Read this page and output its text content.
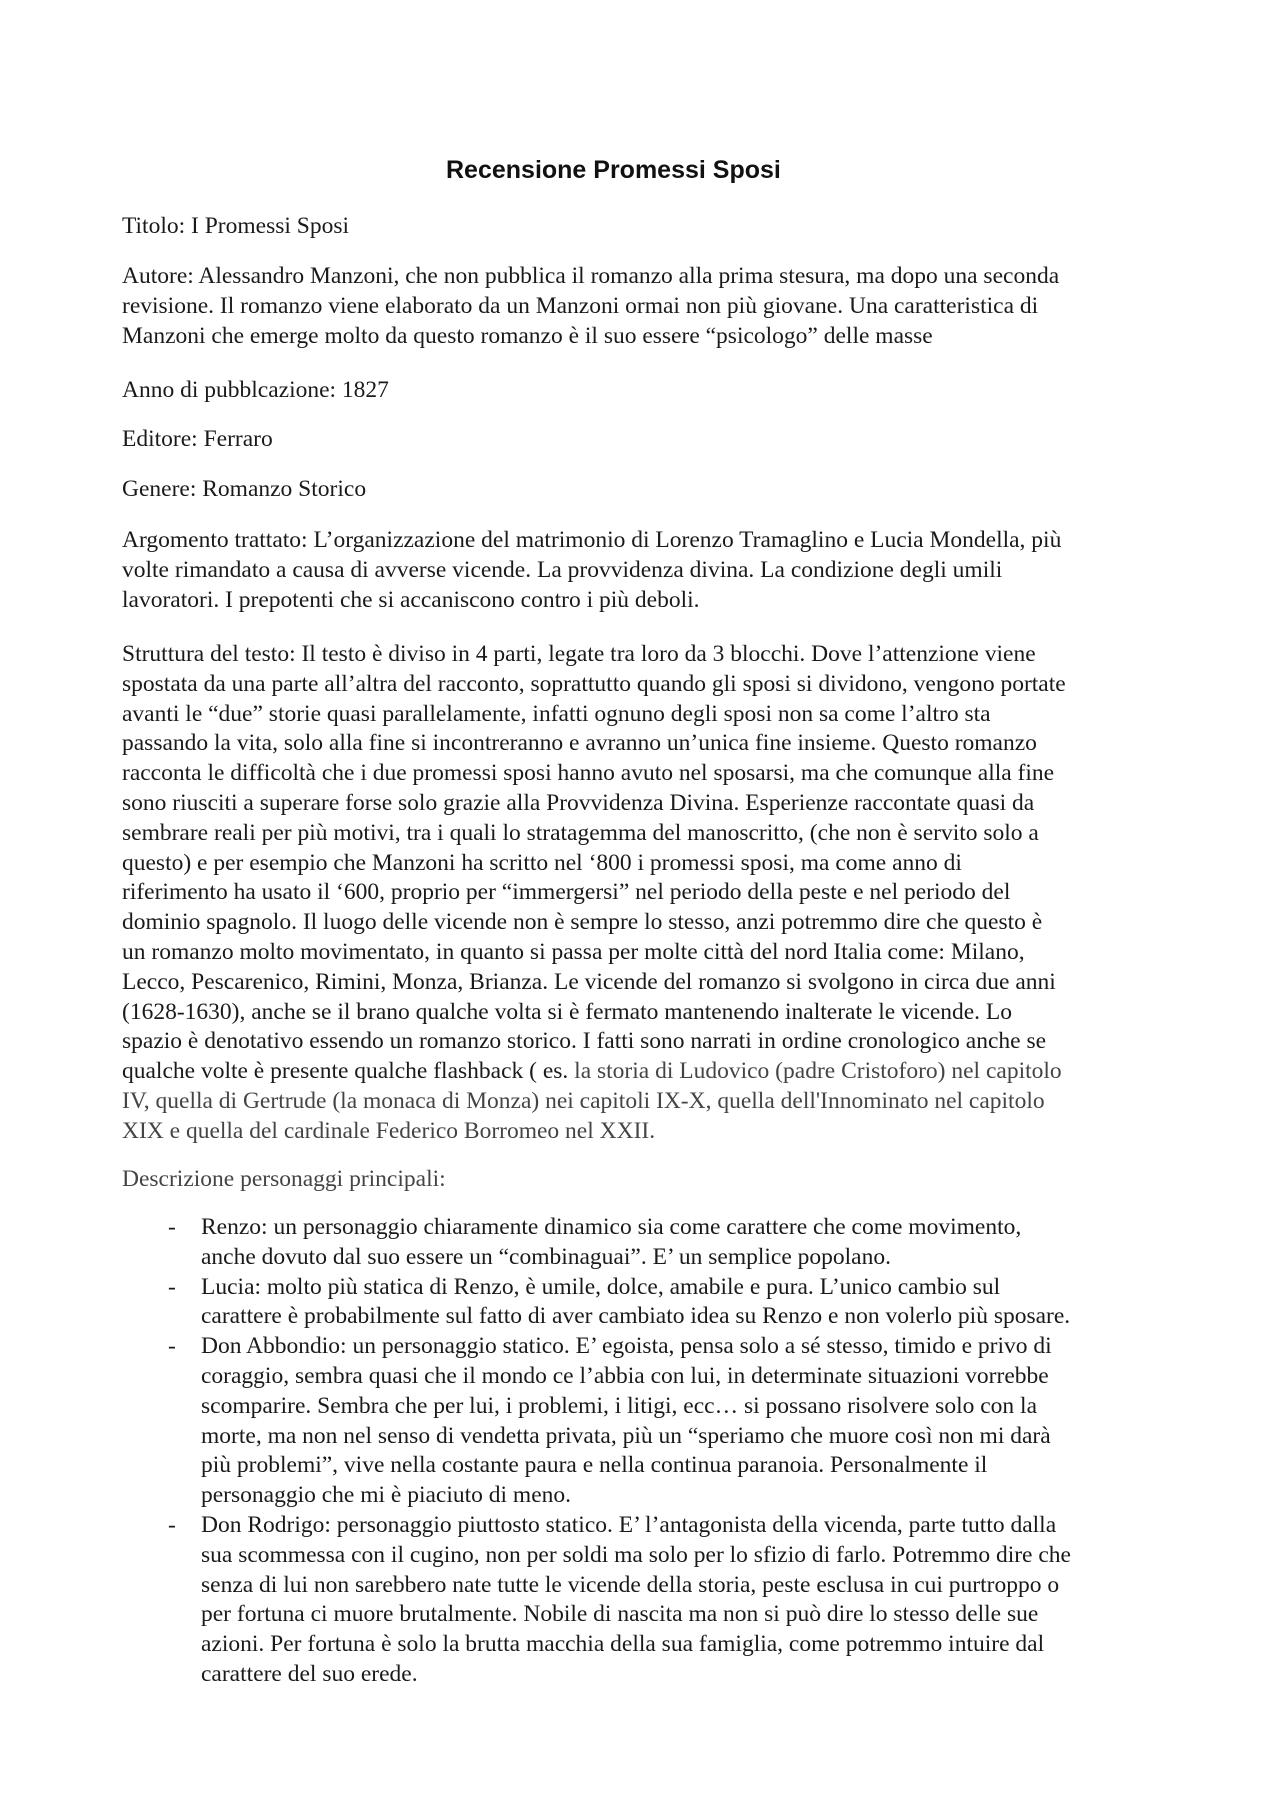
Recensione Promessi Sposi
Titolo: I Promessi Sposi
Autore: Alessandro Manzoni, che non pubblica il romanzo alla prima stesura, ma dopo una seconda
revisione. Il romanzo viene elaborato da un Manzoni ormai non più giovane. Una caratteristica di
Manzoni che emerge molto da questo romanzo è il suo essere “psicologo” delle masse
Anno di pubblcazione: 1827
Editore: Ferraro
Genere: Romanzo Storico
Argomento trattato: L’organizzazione del matrimonio di Lorenzo Tramaglino e Lucia Mondella, più
volte rimandato a causa di avverse vicende. La provvidenza divina. La condizione degli umili
lavoratori. I prepotenti che si accaniscono contro i più deboli.
Struttura del testo: Il testo è diviso in 4 parti, legate tra loro da 3 blocchi. Dove l’attenzione viene
spostata da una parte all’altra del racconto, soprattutto quando gli sposi si dividono, vengono portate
avanti le “due” storie quasi parallelamente, infatti ognuno degli sposi non sa come l’altro sta
passando la vita, solo alla fine si incontreranno e avranno un’unica fine insieme. Questo romanzo
racconta le difficoltà che i due promessi sposi hanno avuto nel sposarsi, ma che comunque alla fine
sono riusciti a superare forse solo grazie alla Provvidenza Divina. Esperienze raccontate quasi da
sembrare reali per più motivi, tra i quali lo stratagemma del manoscritto, (che non è servito solo a
questo) e per esempio che Manzoni ha scritto nel ‘800 i promessi sposi, ma come anno di
riferimento ha usato il ‘600, proprio per “immergersi” nel periodo della peste e nel periodo del
dominio spagnolo. Il luogo delle vicende non è sempre lo stesso, anzi potremmo dire che questo è
un romanzo molto movimentato, in quanto si passa per molte città del nord Italia come: Milano,
Lecco, Pescarenico, Rimini, Monza, Brianza. Le vicende del romanzo si svolgono in circa due anni
(1628-1630), anche se il brano qualche volta si è fermato mantenendo inalterate le vicende. Lo
spazio è denotativo essendo un romanzo storico. I fatti sono narrati in ordine cronologico anche se
qualche volte è presente qualche flashback ( es. la storia di Ludovico (padre Cristoforo) nel capitolo
IV, quella di Gertrude (la monaca di Monza) nei capitoli IX-X, quella dell'Innominato nel capitolo
XIX e quella del cardinale Federico Borromeo nel XXII.
Descrizione personaggi principali:
- Renzo: un personaggio chiaramente dinamico sia come carattere che come movimento,
anche dovuto dal suo essere un “combinaguai”. E’ un semplice popolano.
- Lucia: molto più statica di Renzo, è umile, dolce, amabile e pura. L’unico cambio sul
carattere è probabilmente sul fatto di aver cambiato idea su Renzo e non volerlo più sposare.
- Don Abbondio: un personaggio statico. E’ egoista, pensa solo a sé stesso, timido e privo di
coraggio, sembra quasi che il mondo ce l’abbia con lui, in determinate situazioni vorrebbe
scomparire. Sembra che per lui, i problemi, i litigi, ecc… si possano risolvere solo con la
morte, ma non nel senso di vendetta privata, più un “speriamo che muore così non mi darà
più problemi”, vive nella costante paura e nella continua paranoia. Personalmente il
personaggio che mi è piaciuto di meno.
- Don Rodrigo: personaggio piuttosto statico. E’ l’antagonista della vicenda, parte tutto dalla
sua scommessa con il cugino, non per soldi ma solo per lo sfizio di farlo. Potremmo dire che
senza di lui non sarebbero nate tutte le vicende della storia, peste esclusa in cui purtroppo o
per fortuna ci muore brutalmente. Nobile di nascita ma non si può dire lo stesso delle sue
azioni. Per fortuna è solo la brutta macchia della sua famiglia, come potremmo intuire dal
carattere del suo erede.
